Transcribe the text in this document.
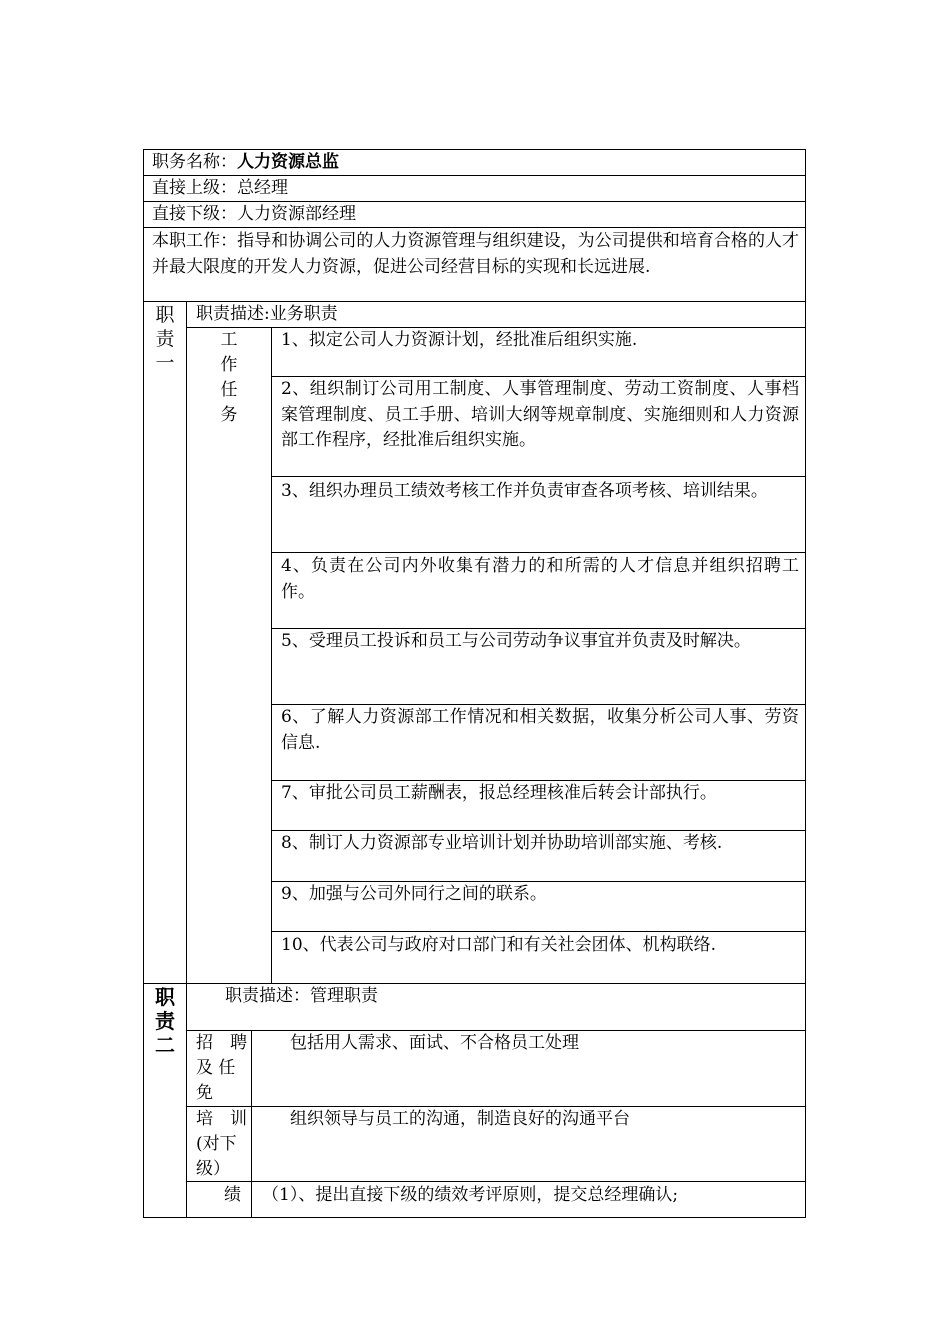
职务名称：人力资源总监
直接上级：总经理
直接下级：人力资源部经理
本职工作：指导和协调公司的人力资源管理与组织建设，为公司提供和培育合格的人才并最大限度的开发人力资源，促进公司经营目标的实现和长远进展.
职
责
一
职责描述:业务职责
工
作
任
务
1、拟定公司人力资源计划，经批准后组织实施.
2、组织制订公司用工制度、人事管理制度、劳动工资制度、人事档案管理制度、员工手册、培训大纲等规章制度、实施细则和人力资源部工作程序，经批准后组织实施。
3、组织办理员工绩效考核工作并负责审查各项考核、培训结果。
4、负责在公司内外收集有潜力的和所需的人才信息并组织招聘工作。
5、受理员工投诉和员工与公司劳动争议事宜并负责及时解决。
6、了解人力资源部工作情况和相关数据，收集分析公司人事、劳资信息.
7、审批公司员工薪酬表，报总经理核准后转会计部执行。
8、制订人力资源部专业培训计划并协助培训部实施、考核.
9、加强与公司外同行之间的联系。
10、代表公司与政府对口部门和有关社会团体、机构联络.
职
责
二
职责描述：管理职责
招　聘
及 任
免
包括用人需求、面试、不合格员工处理
培　训
(对下
级）
组织领导与员工的沟通，制造良好的沟通平台
绩 （1）、提出直接下级的绩效考评原则，提交总经理确认;
